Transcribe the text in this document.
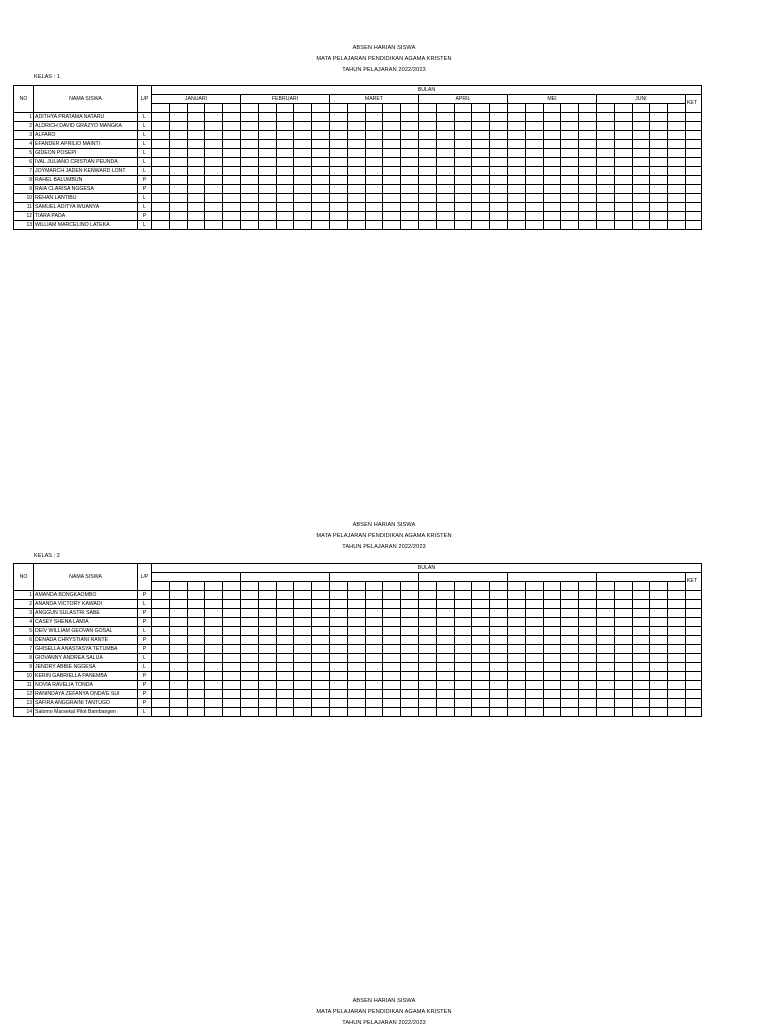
ABSEN HARIAN SISWA
MATA PELAJARAN PENDIDIKAN AGAMA KRISTEN
TAHUN PELAJARAN 2022/2023
KELAS : 1
NO	NAMA SISWA	L/P	BULAN																														
			JANUARI					FEBRUARI					MARET					APRIL					MEI					JUNI					KET

1	ADITHYA PRATAMA NATARU	L																															
2	ALDRICH DAVID GRAZYO MANGKA	L																															
3	ALFARO	L																															
4	EFANDER APRILIO MAINTI	L																															
5	GIDEON POSEPI	L																															
6	IVAL JULIANO CRISTIAN PEUNDA	L																															
7	JOYMARCH JADEN KENWARD LONT	L																															
8	RAHEL BALUMBUN	P																															
9	RAIA CLARISA NGGESA	P																															
10	REHAN LANTIBU	L																															
11	SAMUEL ADITYA WUANYA	L																															
12	TIARA PADA	P																															
13	WILLIAM MARCELINO LATEKA	L																															
ABSEN HARIAN SISWA
MATA PELAJARAN PENDIDIKAN AGAMA KRISTEN
TAHUN PELAJARAN 2022/2023
KELAS : 2
NO	NAMA SISWA	L/P	BULAN																														
																																	KET

1	AMANDA BONGKAOMBO	P																															
2	ANANDA VICTORY KAWADI	L																															
3	ANGGUN SULASTRI SABE	P																															
4	CASEY SHENA LAMIA	P																															
5	DEIV WILLIAM GEOVAN GOSAL	L																															
6	DENADA CHRYSTIANI RANTE	P																															
7	GHISELLA ANASTASYA TETUMBA	P																															
8	GIOVANNY ANDREA SALUA	L																															
9	JENDRY ABBIE NGGESA	L																															
10	KERIN GABRIELLA PANEMBA	P																															
11	NOVIA RAVELIA TONDA	P																															
12	RANINDAYA ZEFANYA ONDA'E SUI	P																															
13	SAFIRA ANGGRAINI TANTUGO	P																															
14	Salomo Marsekal Pilot Bambangen	L																															
ABSEN HARIAN SISWA
MATA PELAJARAN PENDIDIKAN AGAMA KRISTEN
TAHUN PELAJARAN 2022/2023
